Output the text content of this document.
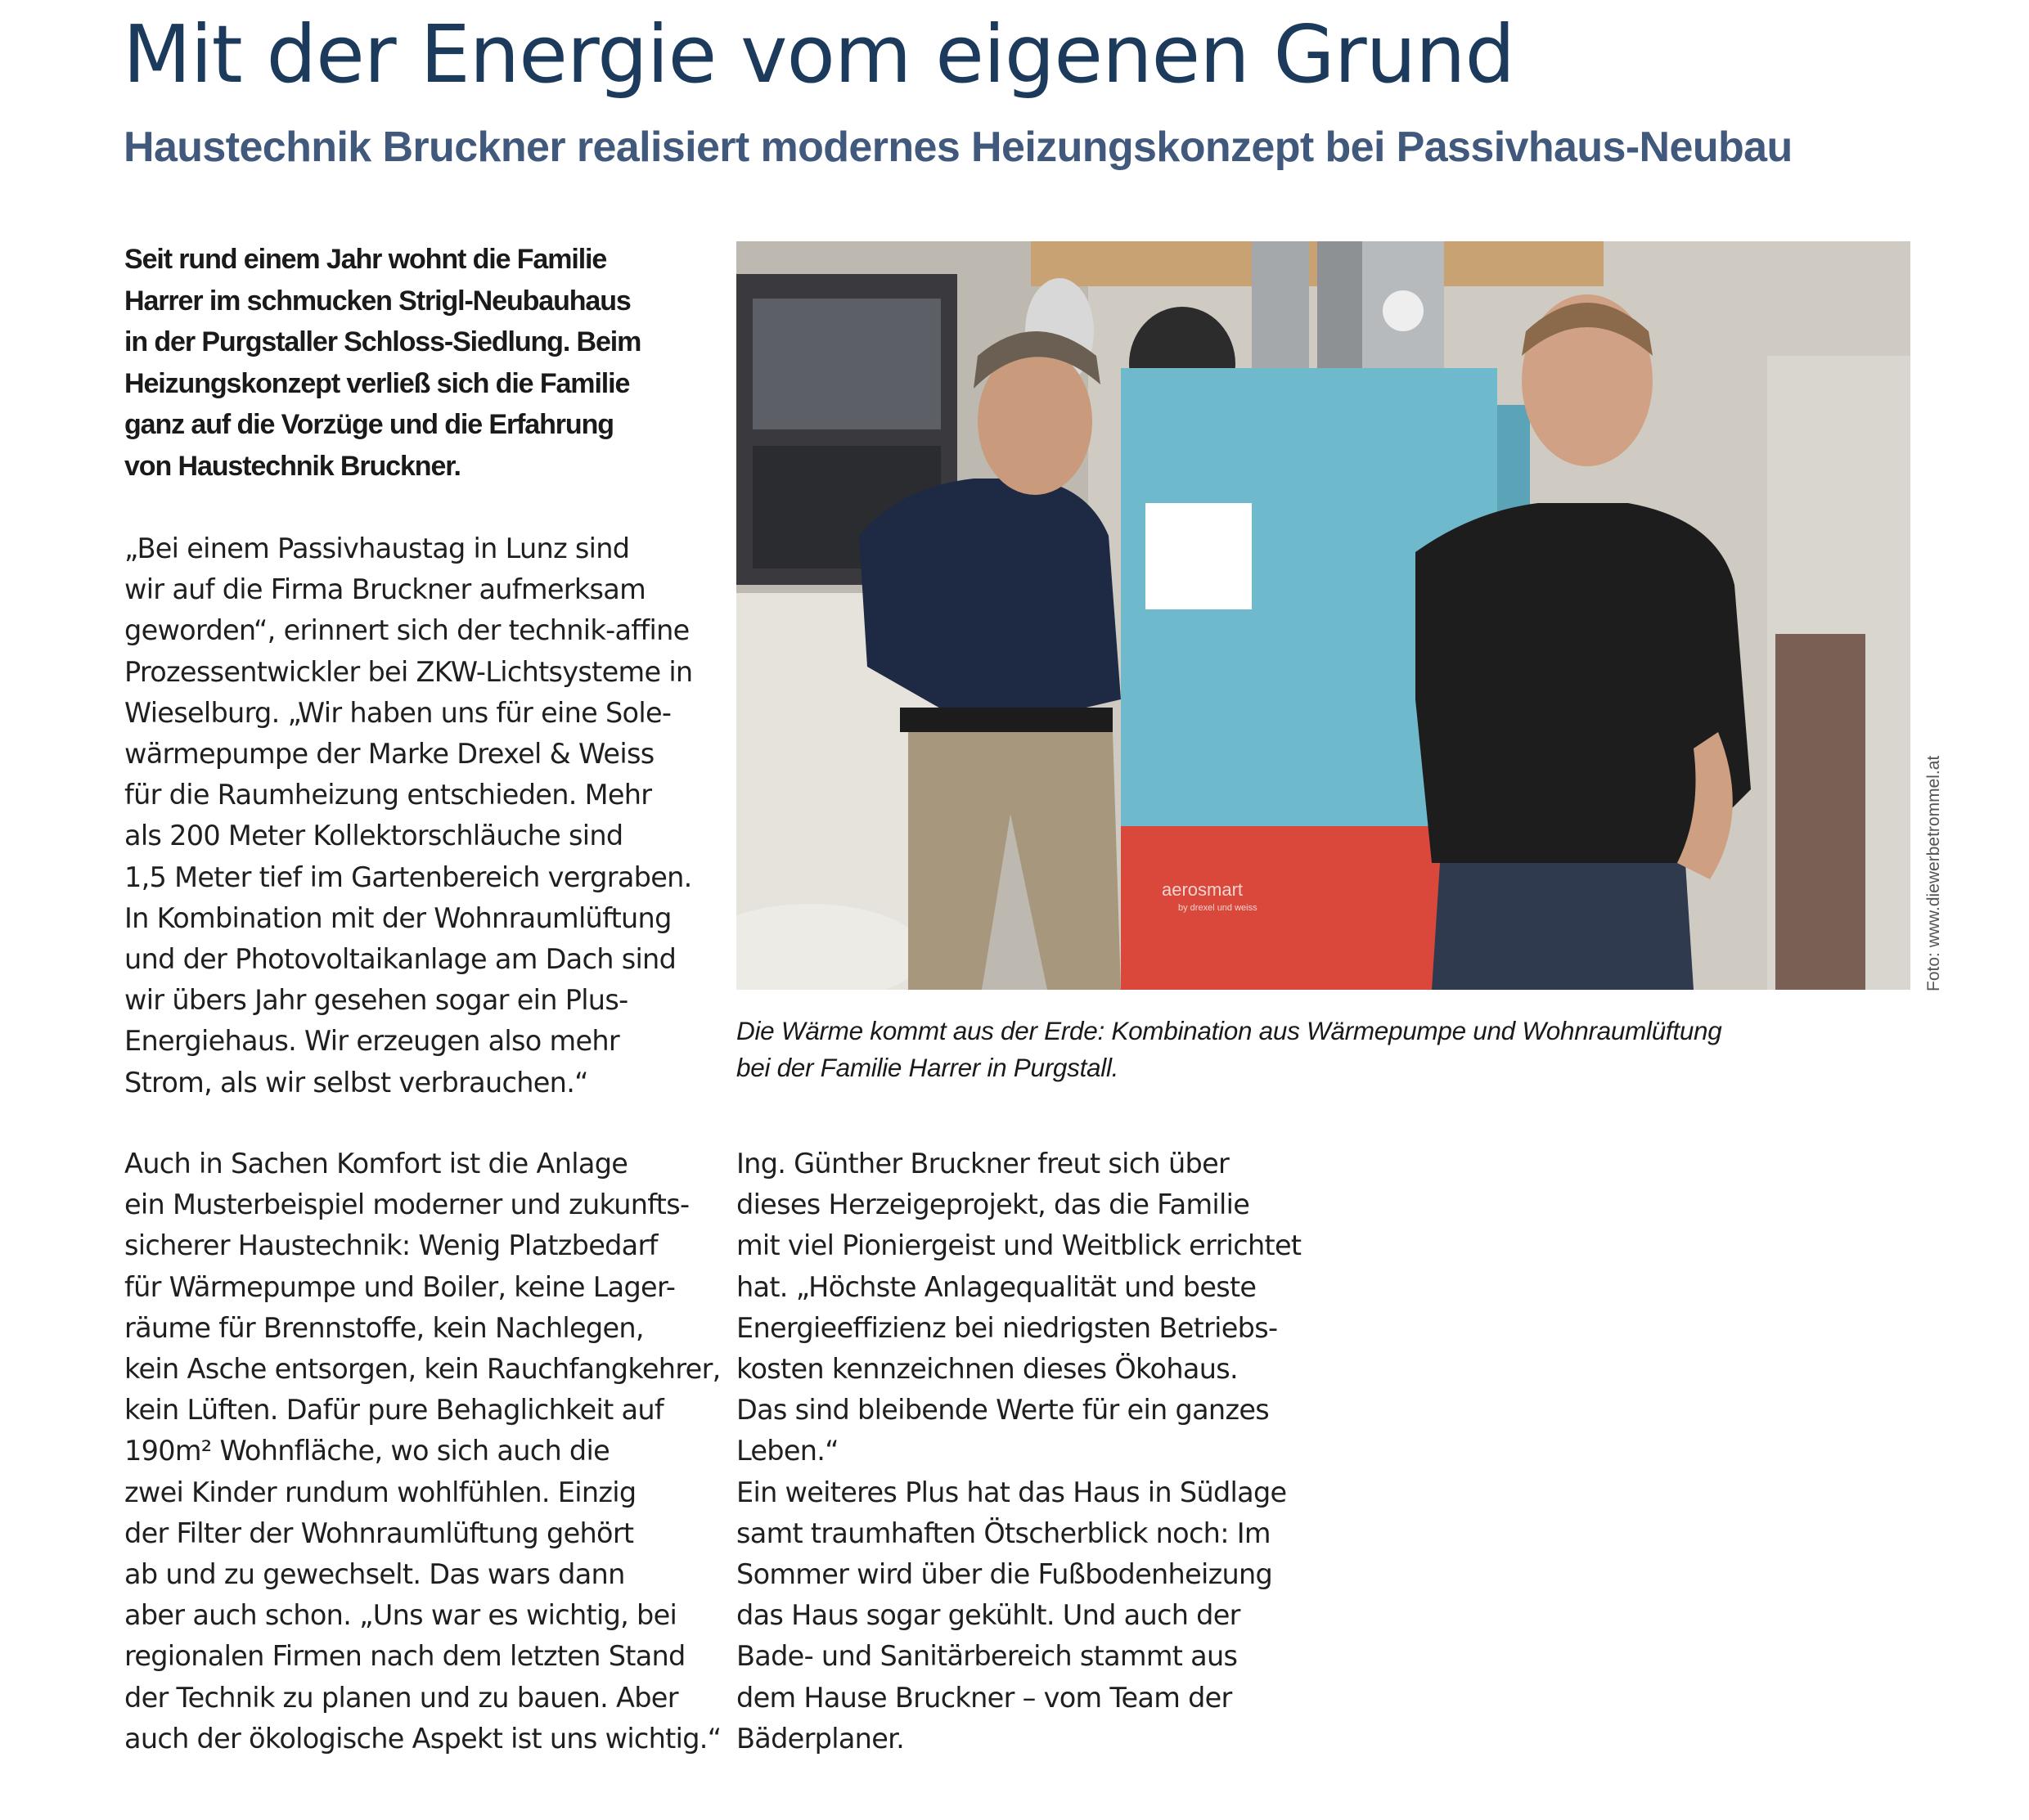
Mit der Energie vom eigenen Grund
Haustechnik Bruckner realisiert modernes Heizungskonzept bei Passivhaus-Neubau
Seit rund einem Jahr wohnt die Familie
Harrer im schmucken Strigl-Neubauhaus
in der Purgstaller Schloss-Siedlung. Beim
Heizungskonzept verließ sich die Familie
ganz auf die Vorzüge und die Erfahrung
von Haustechnik Bruckner.
„Bei einem Passivhaustag in Lunz sind
wir auf die Firma Bruckner aufmerksam
geworden“, erinnert sich der technik-affine
Prozessentwickler bei ZKW-Lichtsysteme in
Wieselburg. „Wir haben uns für eine Sole-
wärmepumpe der Marke Drexel & Weiss
für die Raumheizung entschieden. Mehr
als 200 Meter Kollektorschläuche sind
1,5 Meter tief im Gartenbereich vergraben.
In Kombination mit der Wohnraumlüftung
und der Photovoltaikanlage am Dach sind
wir übers Jahr gesehen sogar ein Plus-
Energiehaus. Wir erzeugen also mehr
Strom, als wir selbst verbrauchen.“
Auch in Sachen Komfort ist die Anlage
ein Musterbeispiel moderner und zukunfts-
sicherer Haustechnik: Wenig Platzbedarf
für Wärmepumpe und Boiler, keine Lager-
räume für Brennstoffe, kein Nachlegen,
kein Asche entsorgen, kein Rauchfangkehrer,
kein Lüften. Dafür pure Behaglichkeit auf
190m² Wohnfläche, wo sich auch die
zwei Kinder rundum wohlfühlen. Einzig
der Filter der Wohnraumlüftung gehört
ab und zu gewechselt. Das wars dann
aber auch schon. „Uns war es wichtig, bei
regionalen Firmen nach dem letzten Stand
der Technik zu planen und zu bauen. Aber
auch der ökologische Aspekt ist uns wichtig.“
Ing. Günther Bruckner freut sich über
dieses Herzeigeprojekt, das die Familie
mit viel Pioniergeist und Weitblick errichtet
hat. „Höchste Anlagequalität und beste
Energieeffizienz bei niedrigsten Betriebs-
kosten kennzeichnen dieses Ökohaus.
Das sind bleibende Werte für ein ganzes
Leben.“
Ein weiteres Plus hat das Haus in Südlage
samt traumhaften Ötscherblick noch: Im
Sommer wird über die Fußbodenheizung
das Haus sogar gekühlt. Und auch der
Bade- und Sanitärbereich stammt aus
dem Hause Bruckner – vom Team der
Bäderplaner.
aerosmart
by drexel und weiss	Foto: www.diewerbetrommel.at
Die Wärme kommt aus der Erde: Kombination aus Wärmepumpe und Wohnraumlüftung
bei der Familie Harrer in Purgstall.
